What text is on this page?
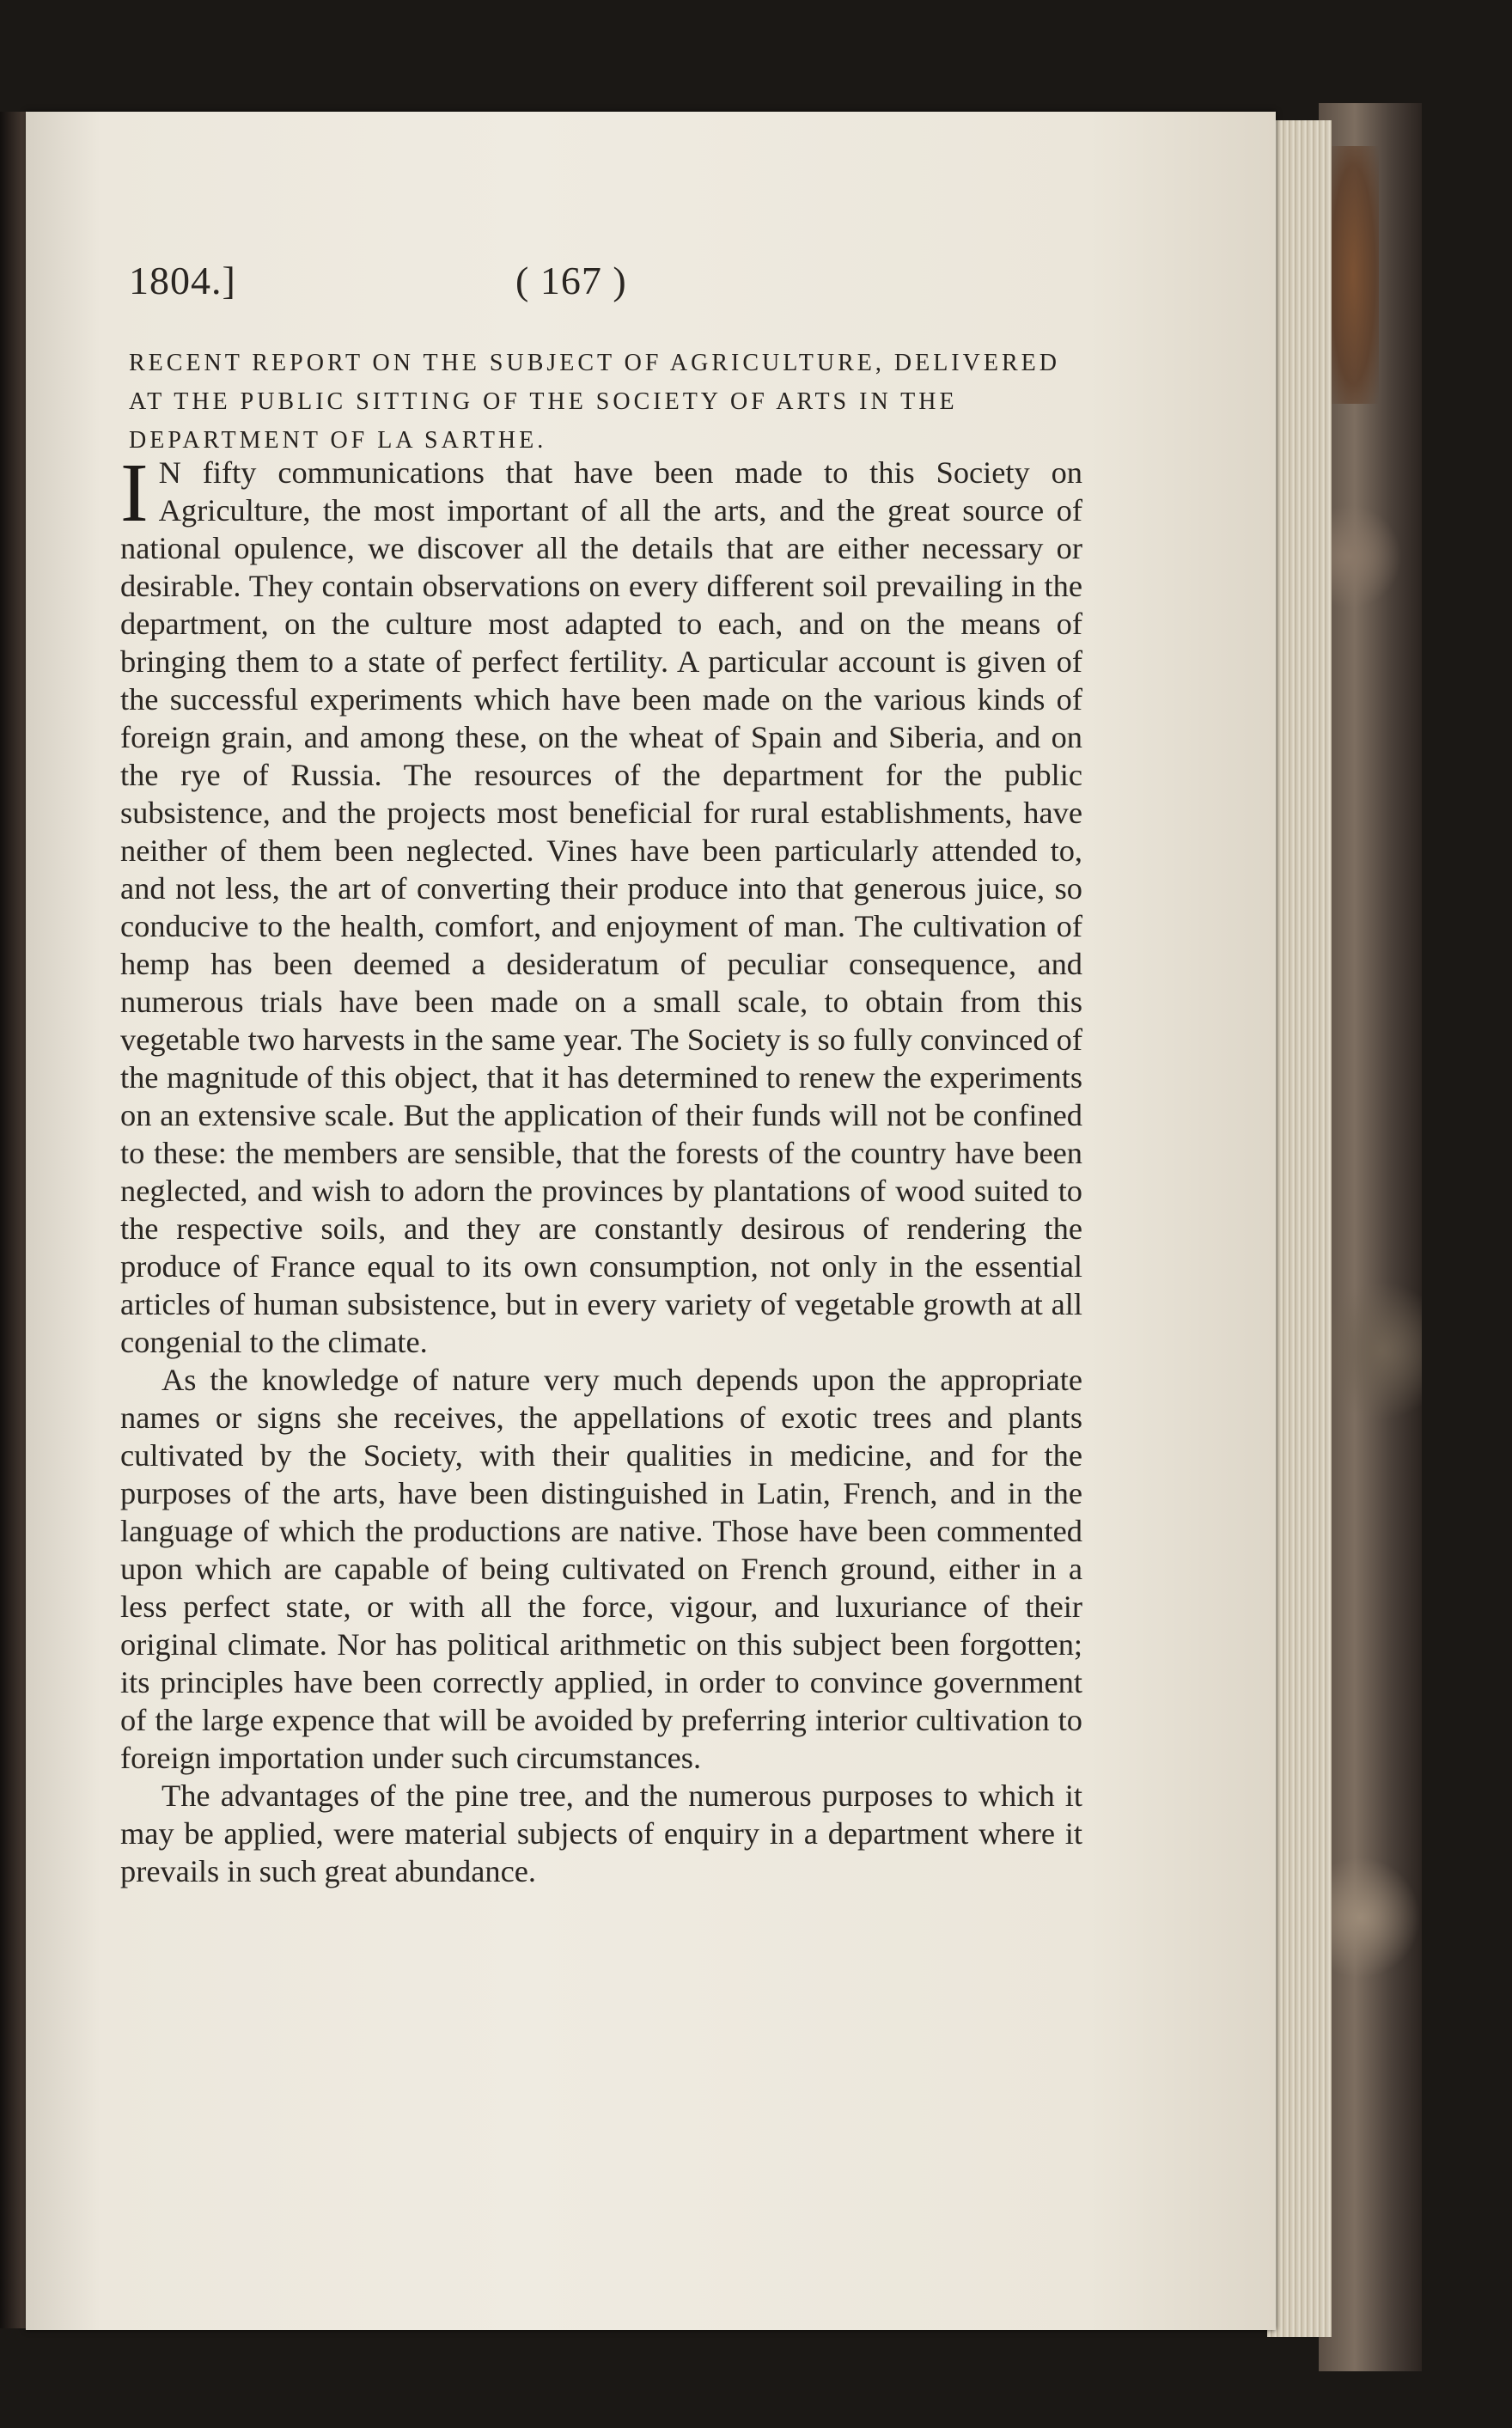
1804.]	( 167 )
RECENT REPORT ON THE SUBJECT OF AGRICULTURE, DELIVERED AT THE PUBLIC SITTING OF THE SOCIETY OF ARTS IN THE DEPARTMENT OF LA SARTHE.

I N fifty communications that have been made to this Society on Agriculture, the most important of all the arts, and the great source of national opulence, we discover all the details that are either necessary or desirable. They contain observations on every different soil prevailing in the department, on the culture most adapted to each, and on the means of bringing them to a state of perfect fertility. A particular account is given of the successful experiments which have been made on the various kinds of foreign grain, and among these, on the wheat of Spain and Siberia, and on the rye of Russia. The resources of the department for the public subsistence, and the projects most beneficial for rural establishments, have neither of them been neglected. Vines have been particularly attended to, and not less, the art of converting their produce into that generous juice, so conducive to the health, comfort, and enjoyment of man. The cultivation of hemp has been deemed a desideratum of peculiar consequence, and numerous trials have been made on a small scale, to obtain from this vegetable two harvests in the same year. The Society is so fully convinced of the magnitude of this object, that it has determined to renew the experiments on an extensive scale. But the application of their funds will not be confined to these: the members are sensible, that the forests of the country have been neglected, and wish to adorn the provinces by plantations of wood suited to the respective soils, and they are constantly desirous of rendering the produce of France equal to its own consumption, not only in the essential articles of human subsistence, but in every variety of vegetable growth at all congenial to the climate.

As the knowledge of nature very much depends upon the appropriate names or signs she receives, the appellations of exotic trees and plants cultivated by the Society, with their qualities in medicine, and for the purposes of the arts, have been distinguished in Latin, French, and in the language of which the productions are native. Those have been commented upon which are capable of being cultivated on French ground, either in a less perfect state, or with all the force, vigour, and luxuriance of their original climate. Nor has political arithmetic on this subject been forgotten; its principles have been correctly applied, in order to convince government of the large expence that will be avoided by preferring interior cultivation to foreign importation under such circumstances.

The advantages of the pine tree, and the numerous purposes to which it may be applied, were material subjects of enquiry in a department where it prevails in such great abundance.
